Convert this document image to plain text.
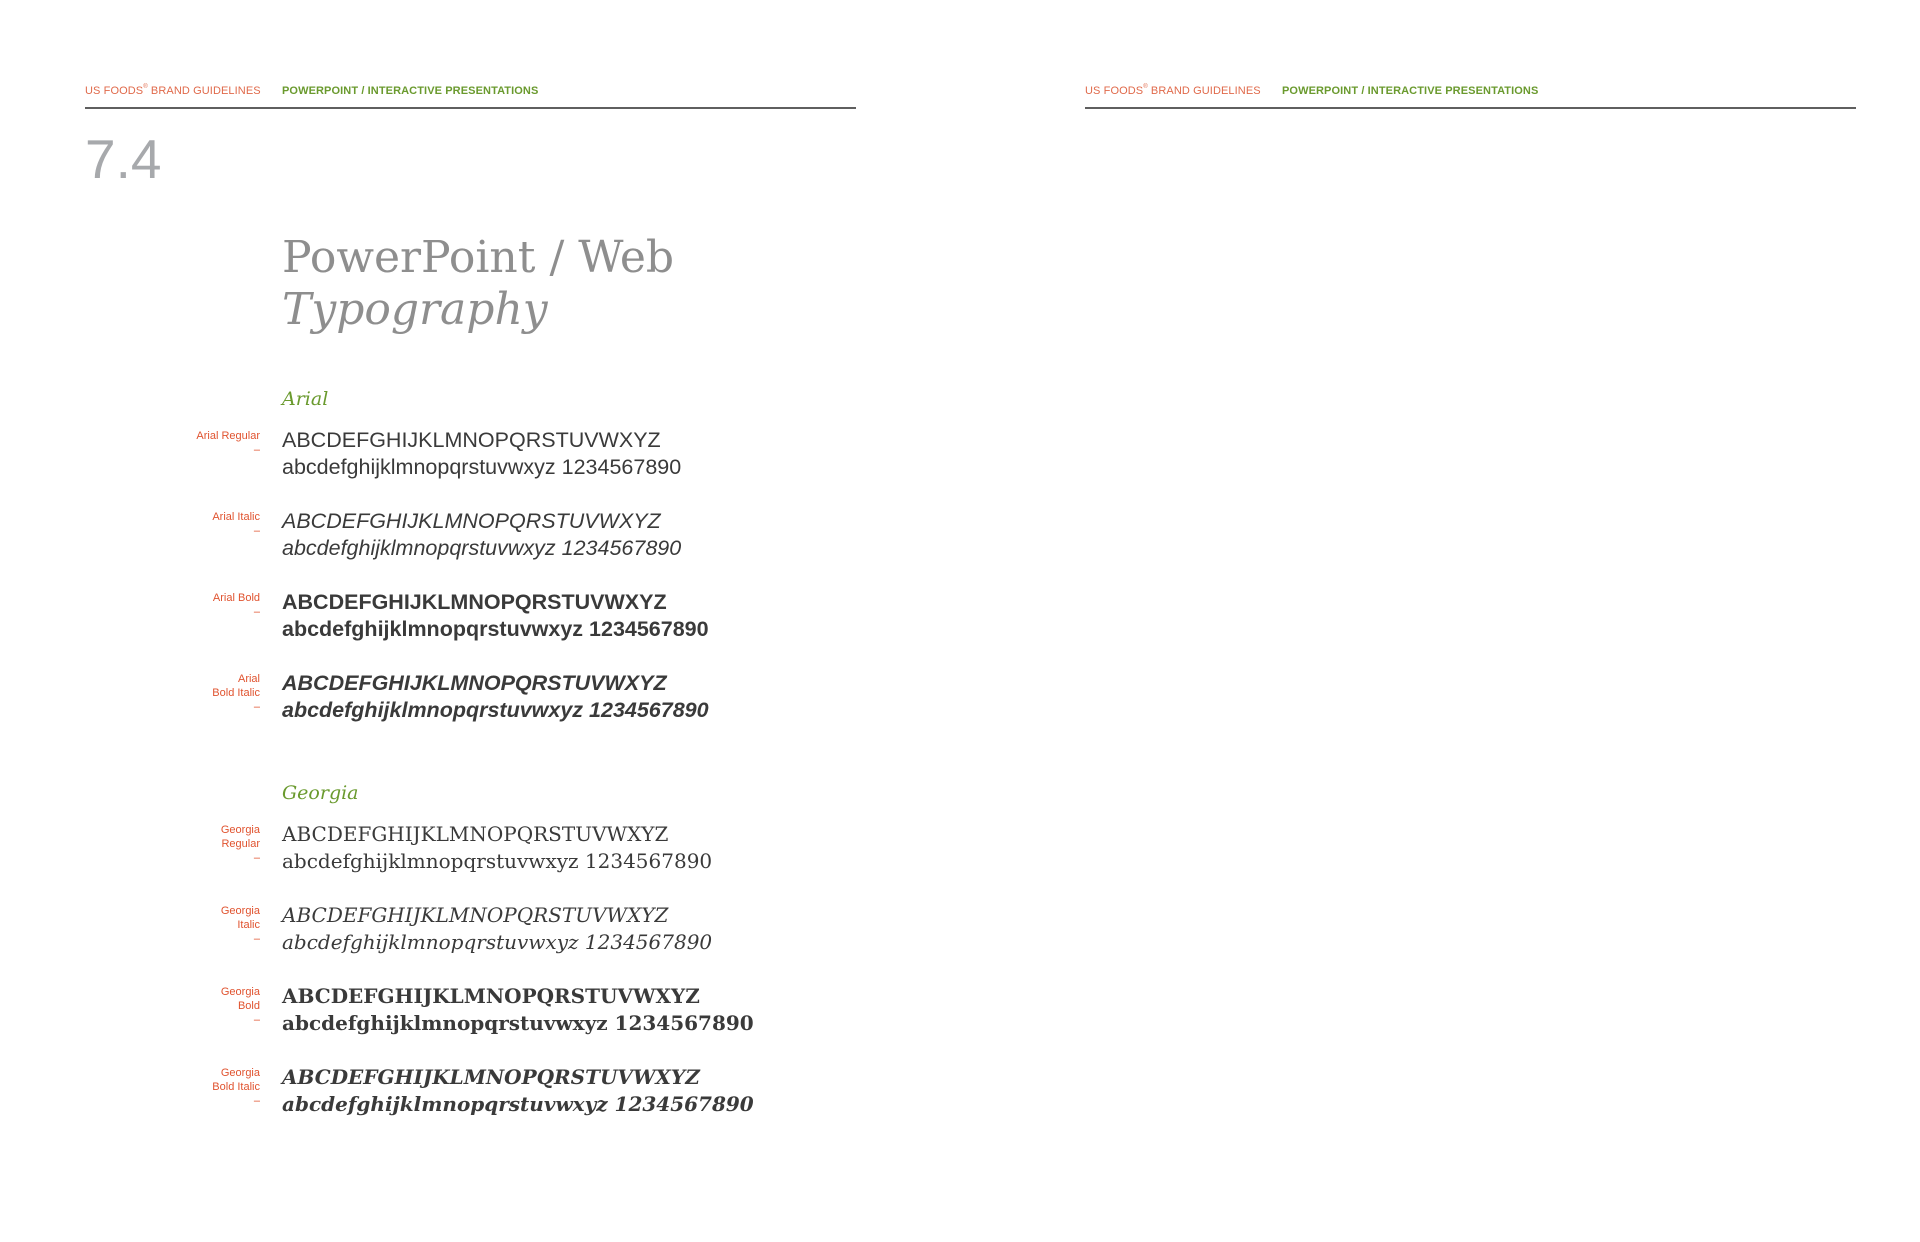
US FOODS® BRAND GUIDELINES POWERPOINT / INTERACTIVE PRESENTATIONS
7.4
PowerPoint / Web
Typography
Arial
Arial Regular
– ABCDEFGHIJKLMNOPQRSTUVWXYZ
abcdefghijklmnopqrstuvwxyz 1234567890
Arial Italic
– ABCDEFGHIJKLMNOPQRSTUVWXYZ
abcdefghijklmnopqrstuvwxyz 1234567890
Arial Bold
– ABCDEFGHIJKLMNOPQRSTUVWXYZ
abcdefghijklmnopqrstuvwxyz 1234567890
Arial
Bold Italic
–
ABCDEFGHIJKLMNOPQRSTUVWXYZ
abcdefghijklmnopqrstuvwxyz 1234567890
Georgia
Georgia
Regular
–
ABCDEFGHIJKLMNOPQRSTUVWXYZ
abcdefghijklmnopqrstuvwxyz 1234567890
Georgia
Italic
–
ABCDEFGHIJKLMNOPQRSTUVWXYZ
abcdefghijklmnopqrstuvwxyz 1234567890
Georgia
Bold
–
ABCDEFGHIJKLMNOPQRSTUVWXYZ
abcdefghijklmnopqrstuvwxyz 1234567890
Georgia
Bold Italic
–
ABCDEFGHIJKLMNOPQRSTUVWXYZ
abcdefghijklmnopqrstuvwxyz 1234567890
US FOODS® BRAND GUIDELINES POWERPOINT / INTERACTIVE PRESENTATIONS
